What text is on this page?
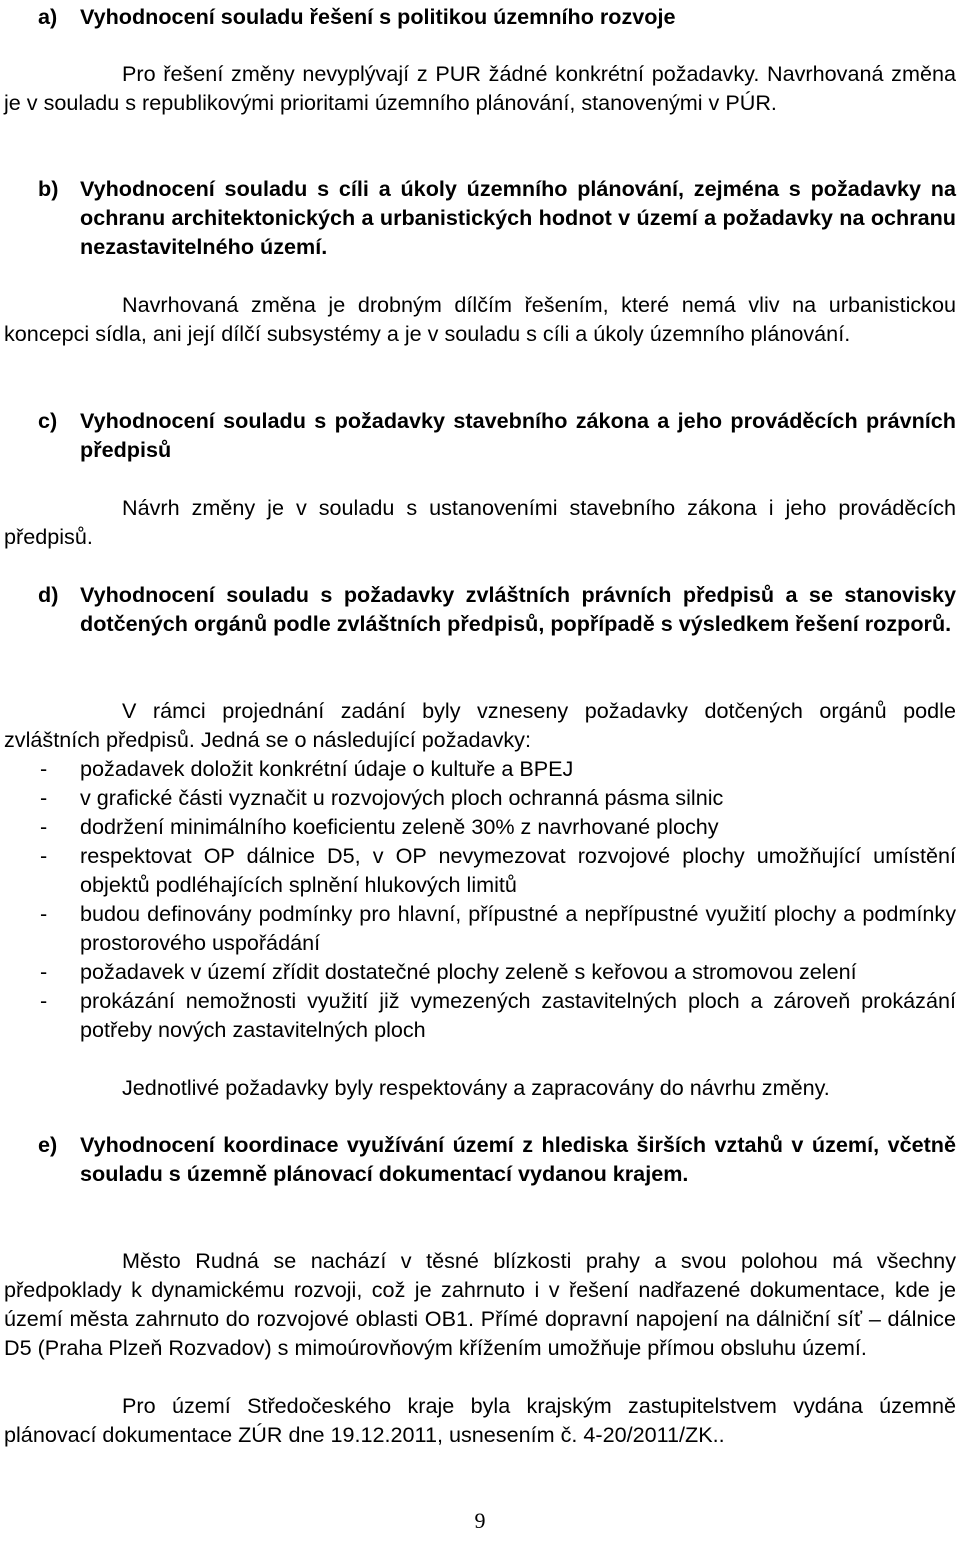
a) Vyhodnocení souladu řešení s politikou územního rozvoje
Pro řešení změny nevyplývají z PUR žádné konkrétní požadavky. Navrhovaná změna je v souladu s republikovými prioritami územního plánování, stanovenými v PÚR.
b) Vyhodnocení souladu s cíli a úkoly územního plánování, zejména s požadavky na ochranu architektonických a urbanistických hodnot v území a požadavky na ochranu nezastavitelného území.
Navrhovaná změna je drobným dílčím řešením, které nemá vliv na urbanistickou koncepci sídla, ani její dílčí subsystémy a je v souladu s cíli a úkoly územního plánování.
c) Vyhodnocení souladu s požadavky stavebního zákona a jeho prováděcích právních předpisů
Návrh změny je v souladu s ustanoveními stavebního zákona i jeho prováděcích předpisů.
d) Vyhodnocení souladu s požadavky zvláštních právních předpisů a se stanovisky dotčených orgánů podle zvláštních předpisů, popřípadě s výsledkem řešení rozporů.
V rámci projednání zadání byly vzneseny požadavky dotčených orgánů podle zvláštních předpisů. Jedná se o následující požadavky:
- požadavek doložit konkrétní údaje o kultuře a BPEJ
- v grafické části vyznačit u rozvojových ploch ochranná pásma silnic
- dodržení minimálního koeficientu zeleně 30% z navrhované plochy
- respektovat OP dálnice D5, v OP nevymezovat rozvojové plochy umožňující umístění objektů podléhajících splnění hlukových limitů
- budou definovány podmínky pro hlavní, přípustné a nepřípustné využití plochy a podmínky prostorového uspořádání
- požadavek v území zřídit dostatečné plochy zeleně s keřovou a stromovou zelení
- prokázání nemožnosti využití již vymezených zastavitelných ploch a zároveň prokázání potřeby nových zastavitelných ploch
Jednotlivé požadavky byly respektovány a zapracovány do návrhu změny.
e) Vyhodnocení koordinace využívání území z hlediska širších vztahů v území, včetně souladu s územně plánovací dokumentací vydanou krajem.
Město Rudná se nachází v těsné blízkosti prahy a svou polohou má všechny předpoklady k dynamickému rozvoji, což je zahrnuto i v řešení nadřazené dokumentace, kde je území města zahrnuto do rozvojové oblasti OB1. Přímé dopravní napojení na dálniční síť – dálnice D5 (Praha Plzeň Rozvadov) s mimoúrovňovým křížením umožňuje přímou obsluhu území.
Pro území Středočeského kraje byla krajským zastupitelstvem vydána územně plánovací dokumentace ZÚR dne 19.12.2011, usnesením č. 4-20/2011/ZK..
9
